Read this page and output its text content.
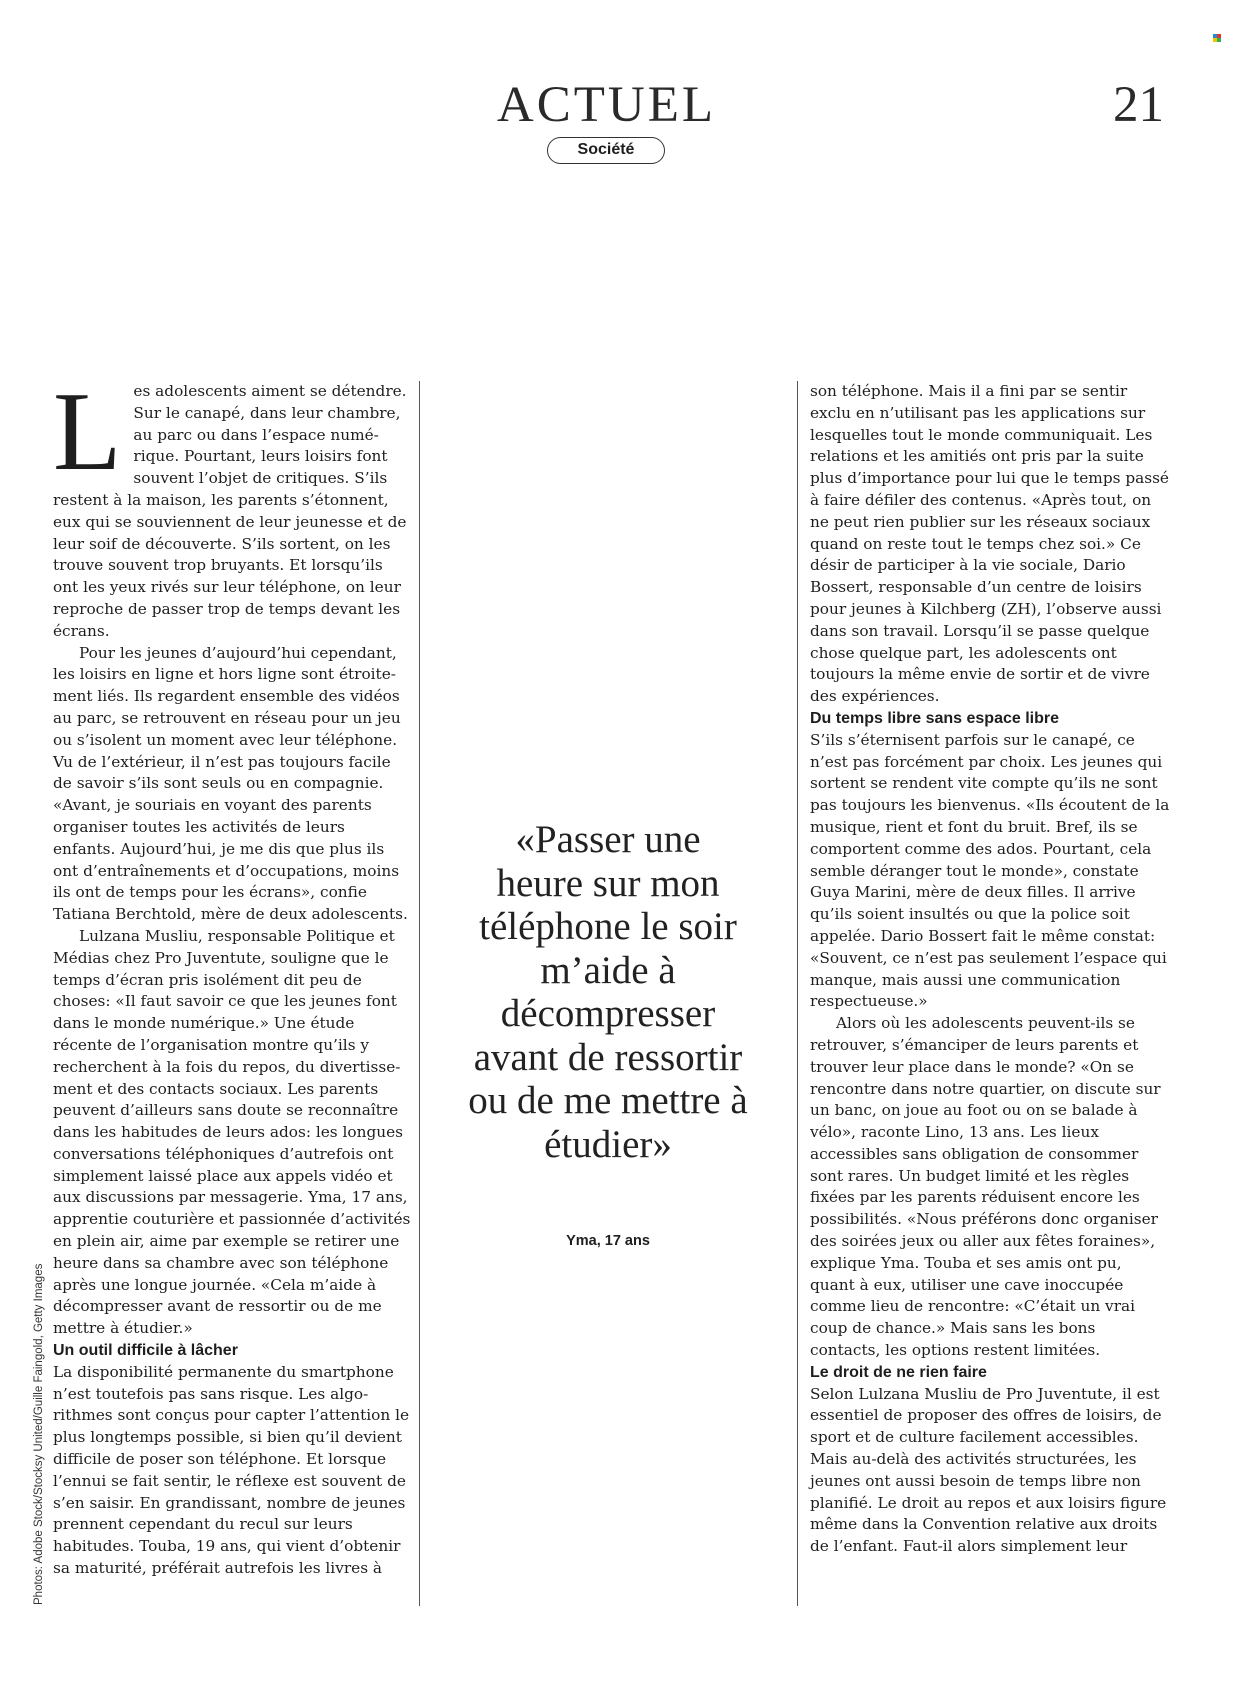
ACTUEL	21
Société
Photos: Adobe Stock/Stocksy United/Guille Faingold, Getty Images

Les adolescents aiment se détendre. Sur le canapé, dans leur chambre, au parc ou dans l’espace numérique. Pourtant, leurs loisirs font souvent l’objet de critiques. S’ils restent à la maison, les parents s’étonnent, eux qui se souviennent de leur jeunesse et de leur soif de découverte. S’ils sortent, on les trouve souvent trop bruyants. Et lorsqu’ils ont les yeux rivés sur leur téléphone, on leur reproche de passer trop de temps devant les écrans.

Pour les jeunes d’aujourd’hui cependant, les loisirs en ligne et hors ligne sont étroitement liés. Ils regardent ensemble des vidéos au parc, se retrouvent en réseau pour un jeu ou s’isolent un moment avec leur téléphone. Vu de l’extérieur, il n’est pas toujours facile de savoir s’ils sont seuls ou en compagnie. «Avant, je souriais en voyant des parents organiser toutes les activités de leurs enfants. Aujourd’hui, je me dis que plus ils ont d’entraînements et d’occupations, moins ils ont de temps pour les écrans», confie Tatiana Berchtold, mère de deux adolescents.

Lulzana Musliu, responsable Politique et Médias chez Pro Juventute, souligne que le temps d’écran pris isolément dit peu de choses: «Il faut savoir ce que les jeunes font dans le monde numérique.» Une étude récente de l’organisation montre qu’ils y recherchent à la fois du repos, du divertissement et des contacts sociaux. Les parents peuvent d’ailleurs sans doute se reconnaître dans les habitudes de leurs ados: les longues conversations téléphoniques d’autrefois ont simplement laissé place aux appels vidéo et aux discussions par messagerie. Yma, 17 ans, apprentie couturière et passionnée d’activités en plein air, aime par exemple se retirer une heure dans sa chambre avec son téléphone après une longue journée. «Cela m’aide à décompresser avant de ressortir ou de me mettre à étudier.»

Un outil difficile à lâcher

La disponibilité permanente du smartphone n’est toutefois pas sans risque. Les algorithmes sont conçus pour capter l’attention le plus longtemps possible, si bien qu’il devient difficile de poser son téléphone. Et lorsque l’ennui se fait sentir, le réflexe est souvent de s’en saisir. En grandissant, nombre de jeunes prennent cependant du recul sur leurs habitudes. Touba, 19 ans, qui vient d’obtenir sa maturité, préférait autrefois les livres à

«Passer une heure sur mon téléphone le soir m’aide à décompresser avant de ressortir ou de me mettre à étudier»
Yma, 17 ans

son téléphone. Mais il a fini par se sentir exclu en n’utilisant pas les applications sur lesquelles tout le monde communiquait. Les relations et les amitiés ont pris par la suite plus d’importance pour lui que le temps passé à faire défiler des contenus. «Après tout, on ne peut rien publier sur les réseaux sociaux quand on reste tout le temps chez soi.» Ce désir de participer à la vie sociale, Dario Bossert, responsable d’un centre de loisirs pour jeunes à Kilchberg (ZH), l’observe aussi dans son travail. Lorsqu’il se passe quelque chose quelque part, les adolescents ont toujours la même envie de sortir et de vivre des expériences.

Du temps libre sans espace libre

S’ils s’éternisent parfois sur le canapé, ce n’est pas forcément par choix. Les jeunes qui sortent se rendent vite compte qu’ils ne sont pas toujours les bienvenus. «Ils écoutent de la musique, rient et font du bruit. Bref, ils se comportent comme des ados. Pourtant, cela semble déranger tout le monde», constate Guya Marini, mère de deux filles. Il arrive qu’ils soient insultés ou que la police soit appelée. Dario Bossert fait le même constat: «Souvent, ce n’est pas seulement l’espace qui manque, mais aussi une communication respectueuse.»

Alors où les adolescents peuvent-ils se retrouver, s’émanciper de leurs parents et trouver leur place dans le monde? «On se rencontre dans notre quartier, on discute sur un banc, on joue au foot ou on se balade à vélo», raconte Lino, 13 ans. Les lieux accessibles sans obligation de consommer sont rares. Un budget limité et les règles fixées par les parents réduisent encore les possibilités. «Nous préférons donc organiser des soirées jeux ou aller aux fêtes foraines», explique Yma. Touba et ses amis ont pu, quant à eux, utiliser une cave inoccupée comme lieu de rencontre: «C’était un vrai coup de chance.» Mais sans les bons contacts, les options restent limitées.

Le droit de ne rien faire

Selon Lulzana Musliu de Pro Juventute, il est essentiel de proposer des offres de loisirs, de sport et de culture facilement accessibles. Mais au-delà des activités structurées, les jeunes ont aussi besoin de temps libre non planifié. Le droit au repos et aux loisirs figure même dans la Convention relative aux droits de l’enfant. Faut-il alors simplement leur
